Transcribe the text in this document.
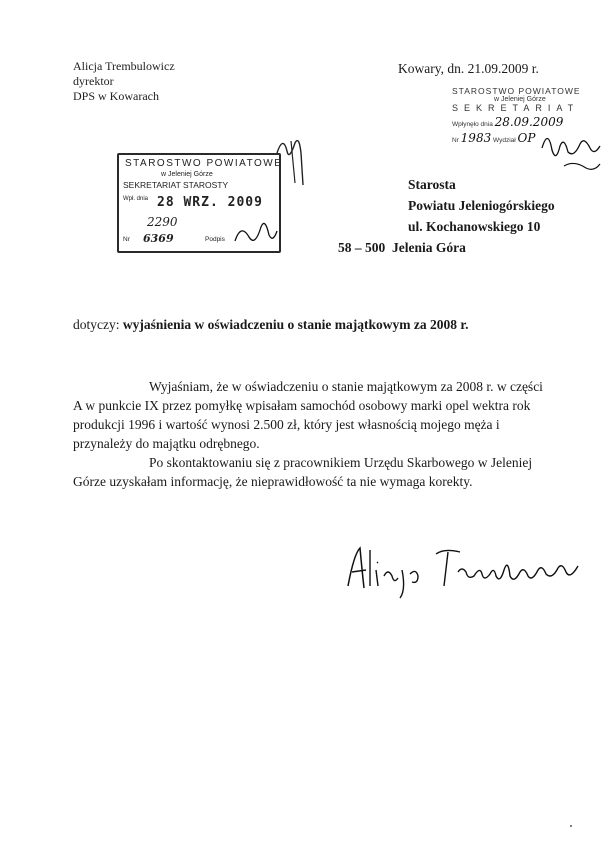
Alicja Trembulowicz
dyrektor
DPS w Kowarach
Kowary, dn. 21.09.2009 r.
STAROSTWO POWIATOWE
w Jeleniej Górze
SEKRETARIAT
Wpłynęło dnia 28.09.2009
Nr 1983 Wydział OP
STAROSTWO POWIATOWE
w Jeleniej Górze
SEKRETARIAT STAROSTY
Wpł. dnia 28 WRZ. 2009
2290
Nr 6369	Podpis
Starosta
Powiatu Jeleniogórskiego
ul. Kochanowskiego 10
58 – 500 Jelenia Góra
dotyczy: wyjaśnienia w oświadczeniu o stanie majątkowym za 2008 r.

Wyjaśniam, że w oświadczeniu o stanie majątkowym za 2008 r. w części A w punkcie IX przez pomyłkę wpisałam samochód osobowy marki opel wektra rok produkcji 1996 i wartość wynosi 2.500 zł, który jest własnością mojego męża i przynależy do majątku odrębnego.

Po skontaktowaniu się z pracownikiem Urzędu Skarbowego w Jeleniej Górze uzyskałam informację, że nieprawidłowość ta nie wymaga korekty.
